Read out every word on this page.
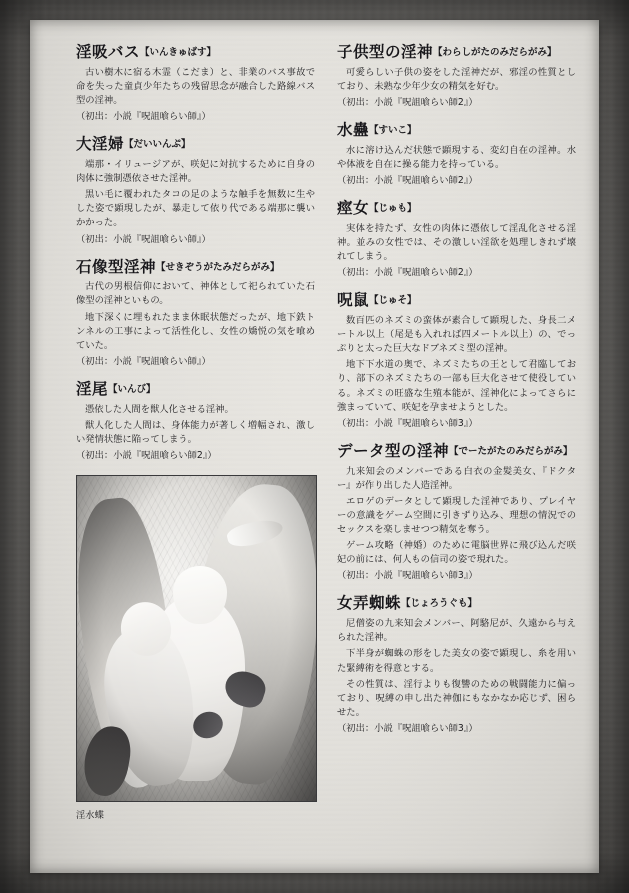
淫吸バス【いんきゅばす】

古い樹木に宿る木霊（こだま）と、非業のバス事故で命を失った童貞少年たちの残留思念が融合した路線バス型の淫神。

（初出：小説『呪詛喰らい師』）

大淫婦【だいいんぷ】

端那・イリュージアが、咲妃に対抗するために自身の肉体に強制憑依させた淫神。

黒い毛に覆われたタコの足のような触手を無数に生やした姿で顕現したが、暴走して依り代である端那に襲いかかった。

（初出：小説『呪詛喰らい師』）

石像型淫神【せきぞうがたみだらがみ】

古代の男根信仰において、神体として祀られていた石像型の淫神といもの。

地下深くに埋もれたまま休眠状態だったが、地下鉄トンネルの工事によって活性化し、女性の嬌悦の気を喰めていた。

（初出：小説『呪詛喰らい師』）

淫尾【いんび】

憑依した人間を獣人化させる淫神。

獣人化した人間は、身体能力が著しく増幅され、激しい発情状態に陥ってしまう。

（初出：小説『呪詛喰らい師2』）

淫水蝶
子供型の淫神【わらしがたのみだらがみ】

可愛らしい子供の姿をした淫神だが、邪淫の性質としており、未熟な少年少女の精気を好む。

（初出：小説『呪詛喰らい師2』）

水蠱【すいこ】

水に溶け込んだ状態で顕現する、変幻自在の淫神。水や体液を自在に操る能力を持っている。

（初出：小説『呪詛喰らい師2』）

痙女【じゅも】

実体を持たず、女性の肉体に憑依して淫乱化させる淫神。並みの女性では、その激しい淫欲を処理しきれず壊れてしまう。

（初出：小説『呪詛喰らい師2』）

呪鼠【じゅそ】

数百匹のネズミの蛮体が素合して顕現した、身長二メートル以上（尾是も入れれば四メートル以上）の、でっぷりと太った巨大なドブネズミ型の淫神。

地下下水道の奥で、ネズミたちの王として君臨しており、部下のネズミたちの一部も巨大化させて使役している。ネズミの旺盛な生殖本能が、淫神化によってさらに強まっていて、咲妃を孕ませようとした。

（初出：小説『呪詛喰らい師3』）

データ型の淫神【でーたがたのみだらがみ】

九来知会のメンバーである白衣の金髪美女、『ドクター』が作り出した人造淫神。

エロゲのデータとして顕現した淫神であり、プレイヤーの意識をゲーム空間に引きずり込み、理想の情況でのセックスを楽しませつつ精気を奪う。

ゲーム攻略（神婚）のために電脳世界に飛び込んだ咲妃の前には、何人もの信司の姿で現れた。

（初出：小説『呪詛喰らい師3』）

女弄蜘蛛【じょろうぐも】

尼僧姿の九来知会メンバー、阿駱尼が、久遠から与えられた淫神。

下半身が蜘蛛の形をした美女の姿で顕現し、糸を用いた緊縛術を得意とする。

その性質は、淫行よりも復讐のための戦闘能力に偏っており、呪縛の申し出た神伽にもなかなか応じず、困らせた。

（初出：小説『呪詛喰らい師3』）
